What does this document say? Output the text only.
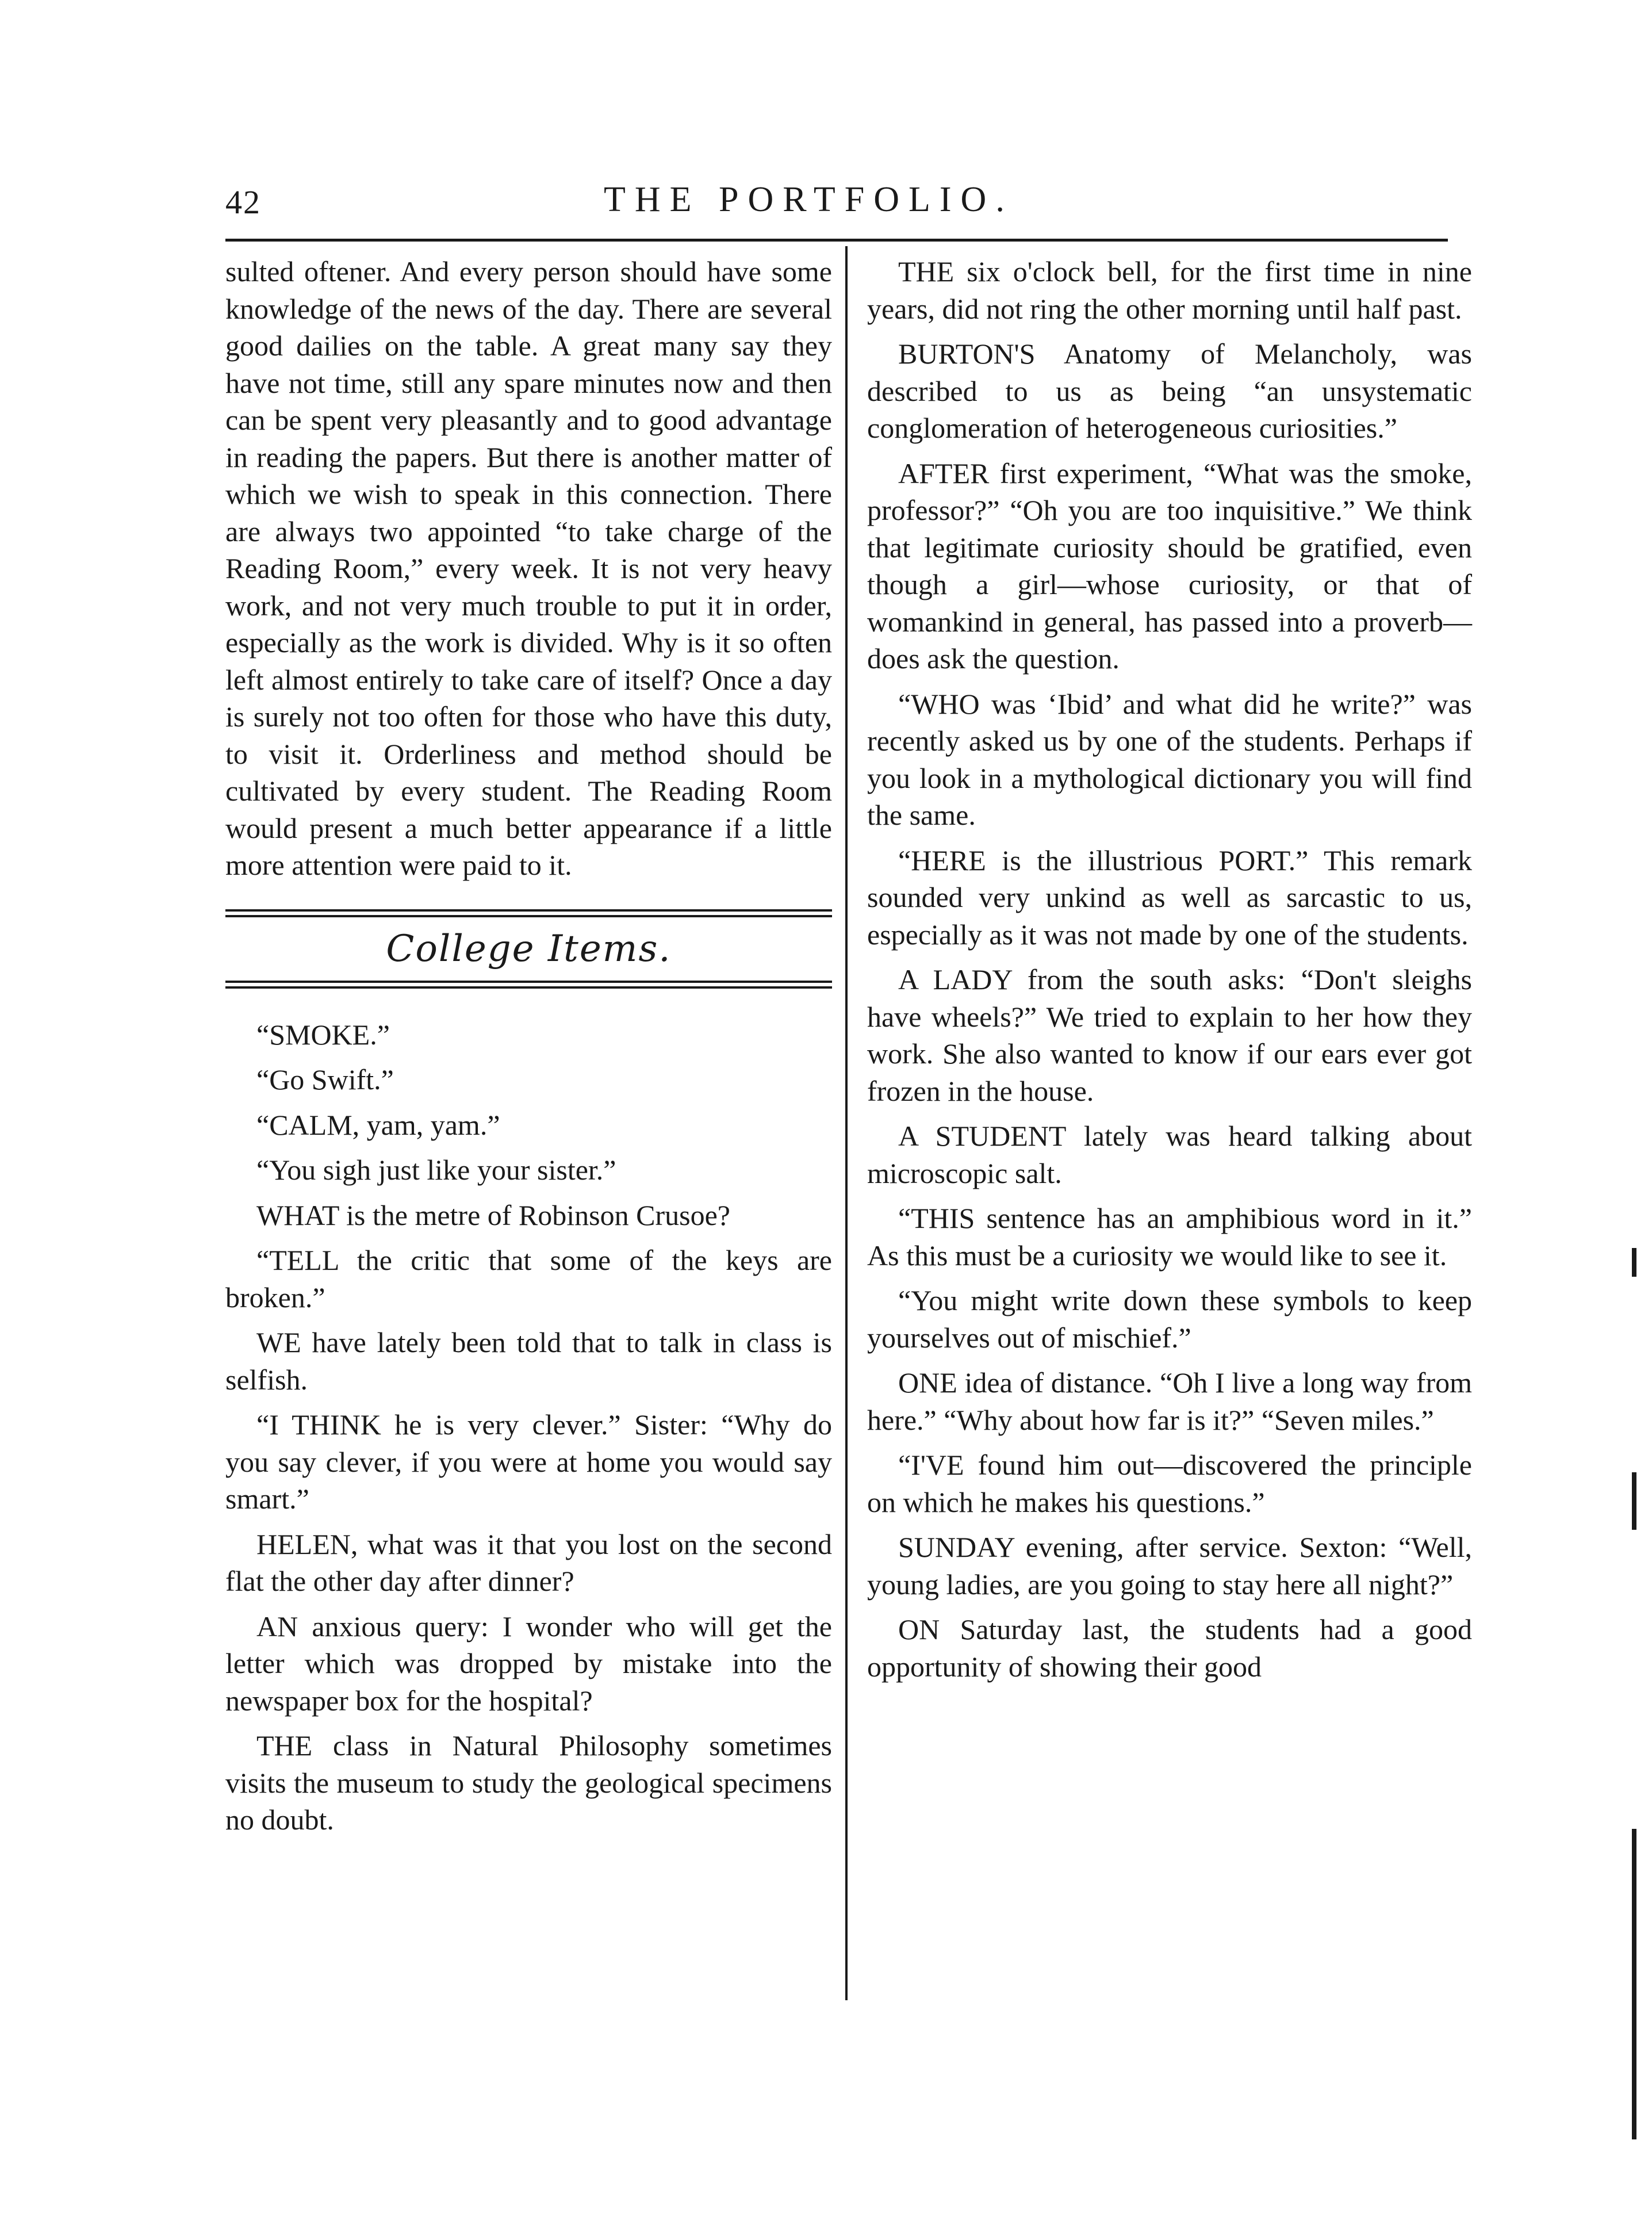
42	THE PORTFOLIO.

sulted oftener. And every person should have some knowledge of the news of the day. There are several good dailies on the table. A great many say they have not time, still any spare minutes now and then can be spent very pleasantly and to good advantage in reading the papers. But there is another matter of which we wish to speak in this connection. There are always two appointed “to take charge of the Reading Room,” every week. It is not very heavy work, and not very much trouble to put it in order, especially as the work is divided. Why is it so often left almost entirely to take care of itself? Once a day is surely not too often for those who have this duty, to visit it. Orderliness and method should be cultivated by every student. The Reading Room would present a much better appearance if a little more attention were paid to it.

College Items.

“SMOKE.”

“Go Swift.”

“CALM, yam, yam.”

“You sigh just like your sister.”

WHAT is the metre of Robinson Crusoe?

“TELL the critic that some of the keys are broken.”

WE have lately been told that to talk in class is selfish.

“I THINK he is very clever.” Sister: “Why do you say clever, if you were at home you would say smart.”

HELEN, what was it that you lost on the second flat the other day after dinner?

AN anxious query: I wonder who will get the letter which was dropped by mistake into the newspaper box for the hospital?

THE class in Natural Philosophy sometimes visits the museum to study the geological specimens no doubt.

THE six o'clock bell, for the first time in nine years, did not ring the other morning until half past.

BURTON'S Anatomy of Melancholy, was described to us as being “an unsystematic conglomeration of heterogeneous curiosities.”

AFTER first experiment, “What was the smoke, professor?” “Oh you are too inquisitive.” We think that legitimate curiosity should be gratified, even though a girl—whose curiosity, or that of womankind in general, has passed into a proverb—does ask the question.

“WHO was ‘Ibid’ and what did he write?” was recently asked us by one of the students. Perhaps if you look in a mythological dictionary you will find the same.

“HERE is the illustrious PORT.” This remark sounded very unkind as well as sarcastic to us, especially as it was not made by one of the students.

A LADY from the south asks: “Don't sleighs have wheels?” We tried to explain to her how they work. She also wanted to know if our ears ever got frozen in the house.

A STUDENT lately was heard talking about microscopic salt.

“THIS sentence has an amphibious word in it.” As this must be a curiosity we would like to see it.

“You might write down these symbols to keep yourselves out of mischief.”

ONE idea of distance. “Oh I live a long way from here.” “Why about how far is it?” “Seven miles.”

“I'VE found him out—discovered the principle on which he makes his questions.”

SUNDAY evening, after service. Sexton: “Well, young ladies, are you going to stay here all night?”

ON Saturday last, the students had a good opportunity of showing their good
